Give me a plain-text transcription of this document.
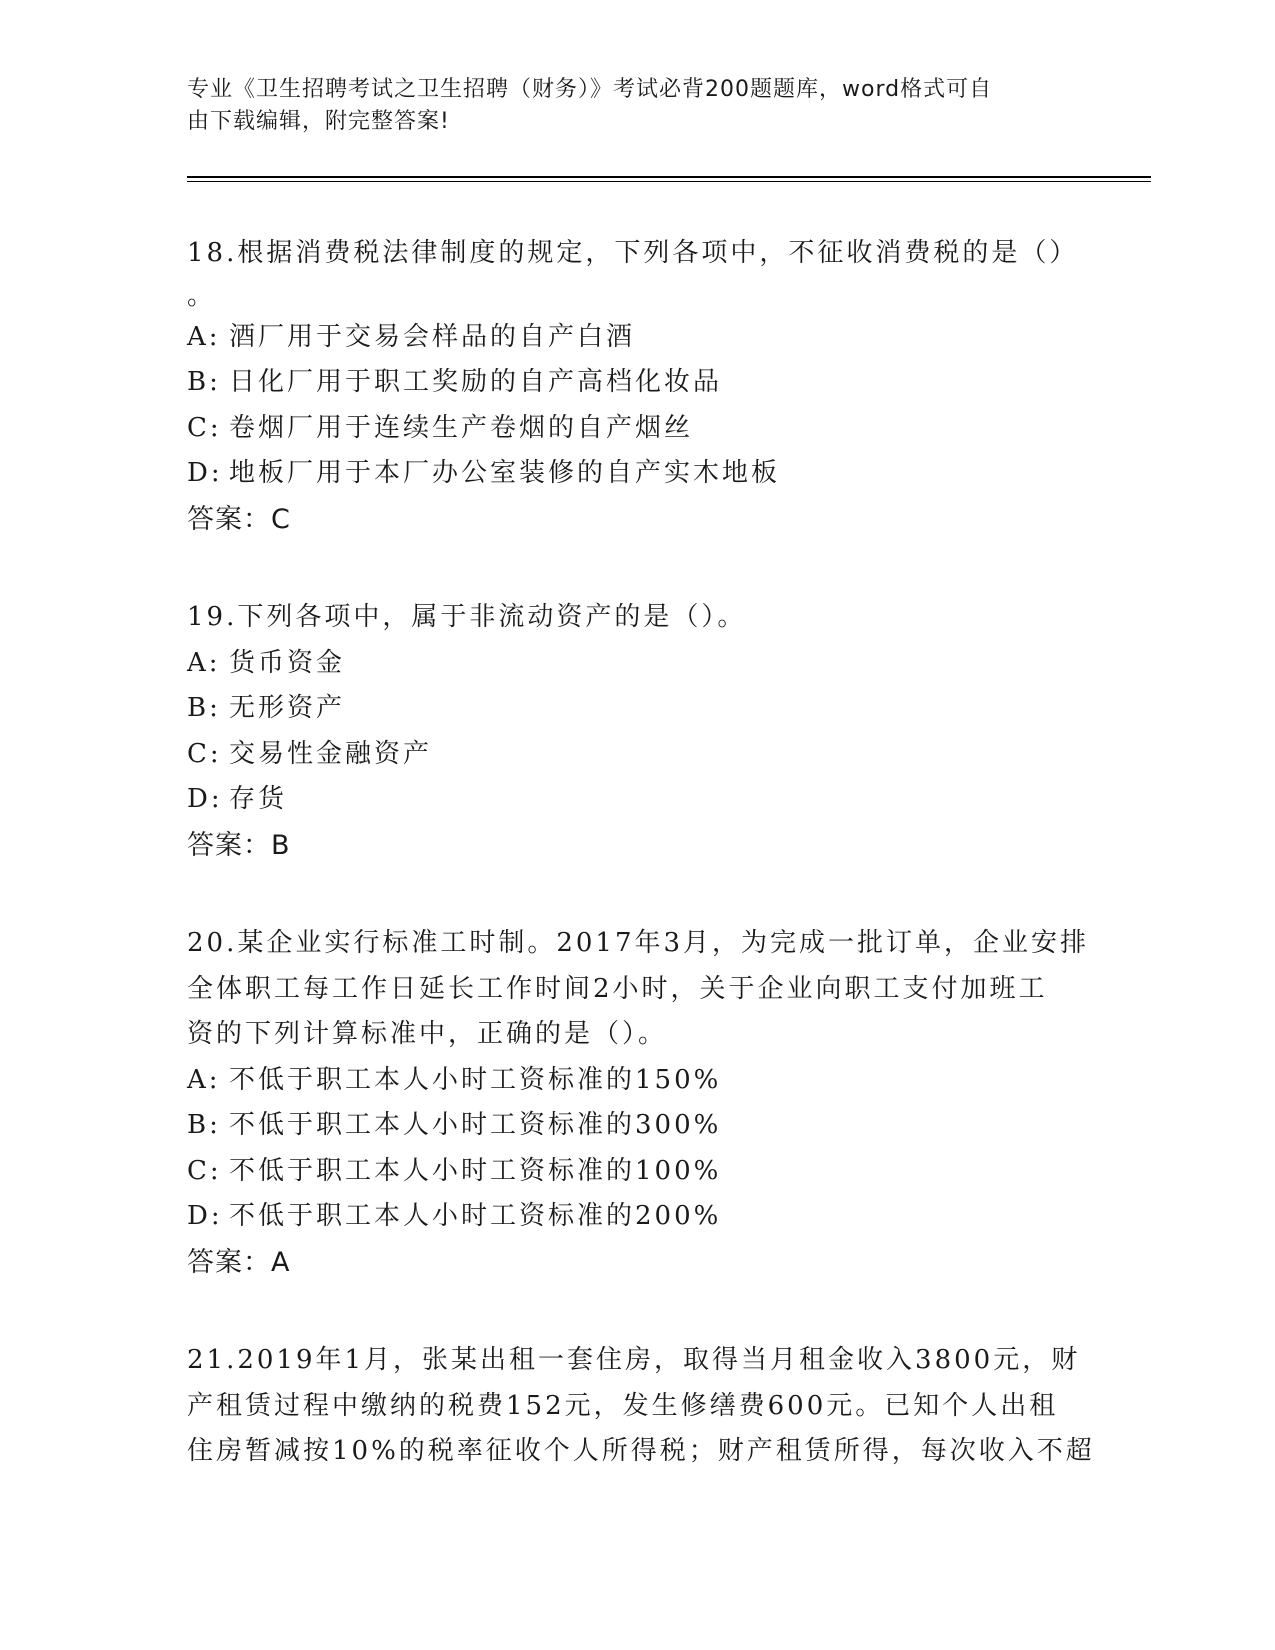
专业《卫生招聘考试之卫生招聘（财务）》考试必背200题题库，word格式可自
由下载编辑，附完整答案!
18.根据消费税法律制度的规定，下列各项中，不征收消费税的是（）
。
A: 酒厂用于交易会样品的自产白酒
B: 日化厂用于职工奖励的自产高档化妆品
C: 卷烟厂用于连续生产卷烟的自产烟丝
D: 地板厂用于本厂办公室装修的自产实木地板
答案：C
19.下列各项中，属于非流动资产的是（）。
A: 货币资金
B: 无形资产
C: 交易性金融资产
D: 存货
答案：B
20.某企业实行标准工时制。2017年3月，为完成一批订单，企业安排
全体职工每工作日延长工作时间2小时，关于企业向职工支付加班工
资的下列计算标准中，正确的是（）。
A: 不低于职工本人小时工资标准的150%
B: 不低于职工本人小时工资标准的300%
C: 不低于职工本人小时工资标准的100%
D: 不低于职工本人小时工资标准的200%
答案：A
21.2019年1月，张某出租一套住房，取得当月租金收入3800元，财
产租赁过程中缴纳的税费152元，发生修缮费600元。已知个人出租
住房暂减按10%的税率征收个人所得税；财产租赁所得，每次收入不超
